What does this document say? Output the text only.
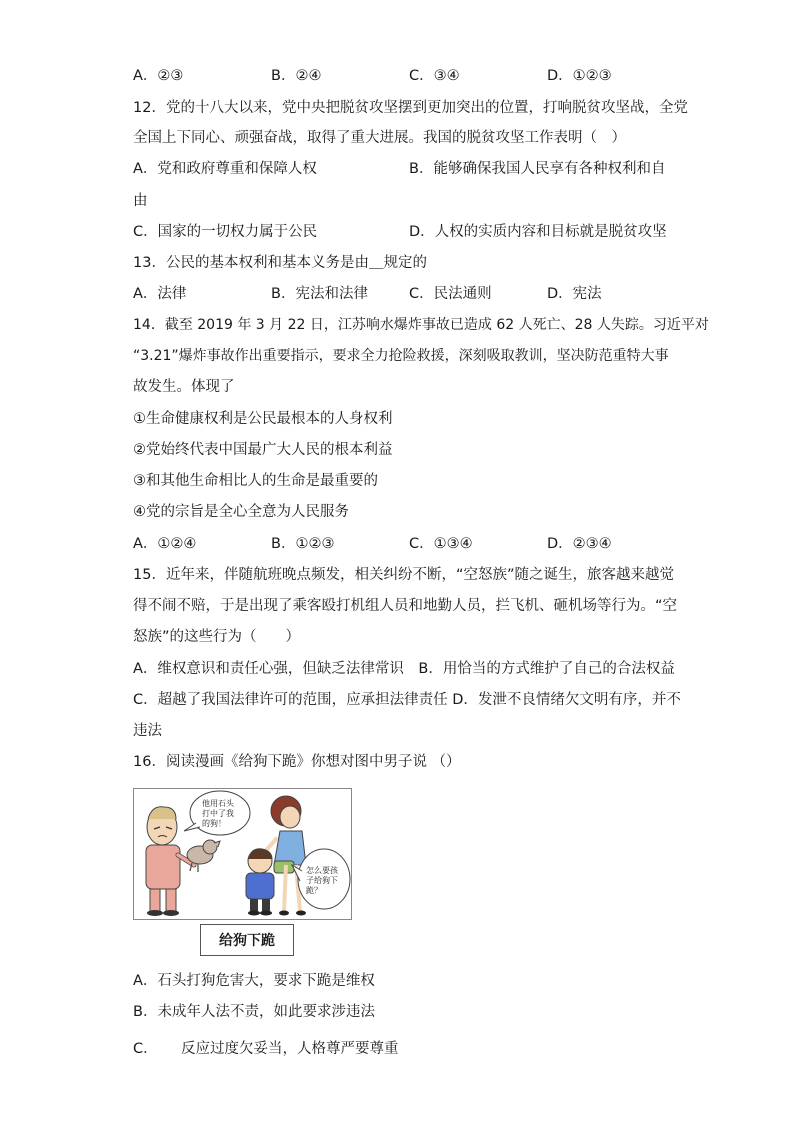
A．②③	B．②④	C．③④	D．①②③
12．党的十八大以来，党中央把脱贫攻坚摆到更加突出的位置，打响脱贫攻坚战，全党
全国上下同心、顽强奋战，取得了重大进展。我国的脱贫攻坚工作表明（　）
A．党和政府尊重和保障人权	B．能够确保我国人民享有各种权利和自
由
C．国家的一切权力属于公民	D．人权的实质内容和目标就是脱贫攻坚
13．公民的基本权利和基本义务是由＿规定的
A．法律	B．宪法和法律	C．民法通则	D．宪法
14．截至 2019 年 3 月 22 日，江苏响水爆炸事故已造成 62 人死亡、28 人失踪。习近平对
“3.21”爆炸事故作出重要指示，要求全力抢险救援，深刻吸取教训，坚决防范重特大事
故发生。体现了
①生命健康权利是公民最根本的人身权利
②党始终代表中国最广大人民的根本利益
③和其他生命相比人的生命是最重要的
④党的宗旨是全心全意为人民服务
A．①②④	B．①②③	C．①③④	D．②③④
15．近年来，伴随航班晚点频发，相关纠纷不断，“空怒族”随之诞生，旅客越来越觉
得不闹不赔，于是出现了乘客殴打机组人员和地勤人员，拦飞机、砸机场等行为。“空
怒族”的这些行为（　　）
A．维权意识和责任心强，但缺乏法律常识　B．用恰当的方式维护了自己的合法权益
C．超越了我国法律许可的范围，应承担法律责任 D．发泄不良情绪欠文明有序，并不
违法
16．阅读漫画《给狗下跪》你想对图中男子说 （）
他用石头
打中了我
的狗！
怎么要孩
子给狗下
跪？
给狗下跪
A．石头打狗危害大，要求下跪是维权
B．未成年人法不责，如此要求涉违法
C． 反应过度欠妥当，人格尊严要尊重
